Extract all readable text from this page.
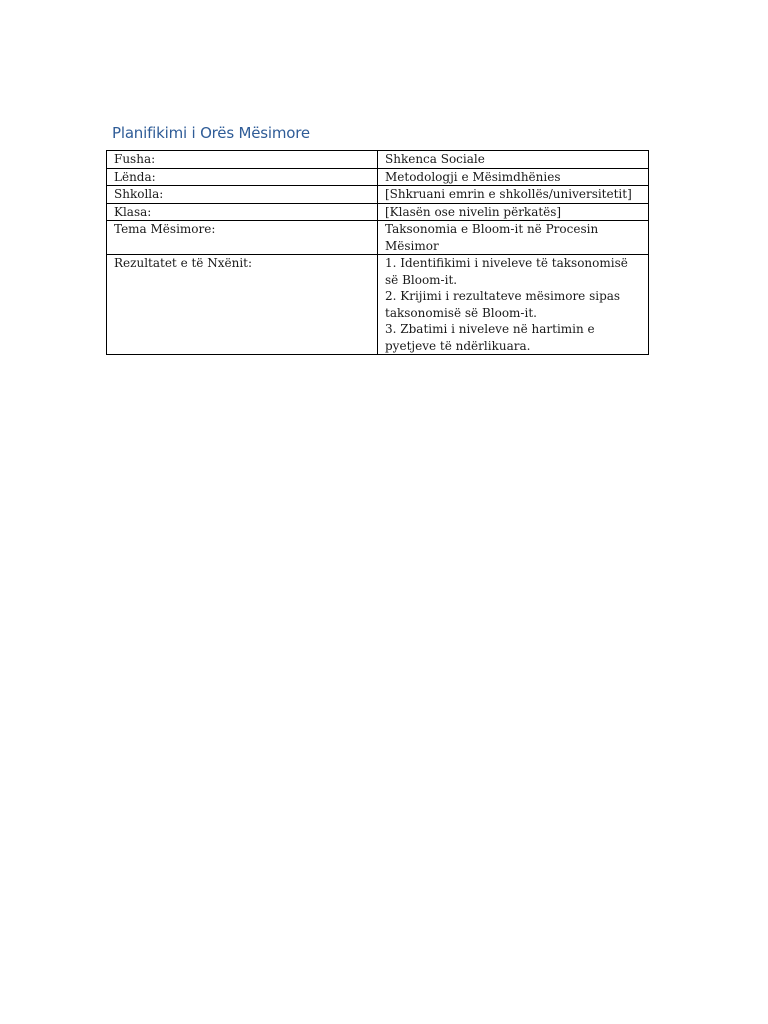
Planifikimi i Orës Mësimore
Fusha:	Shkenca Sociale
Lënda:	Metodologji e Mësimdhënies
Shkolla:	[Shkruani emrin e shkollës/universitetit]
Klasa:	[Klasën ose nivelin përkatës]
Tema Mësimore:	Taksonomia e Bloom-it në Procesin Mësimor
Rezultatet e të Nxënit:	1. Identifikimi i niveleve të taksonomisë së Bloom-it.
2. Krijimi i rezultateve mësimore sipas taksonomisë së Bloom-it.
3. Zbatimi i niveleve në hartimin e pyetjeve të ndërlikuara.
